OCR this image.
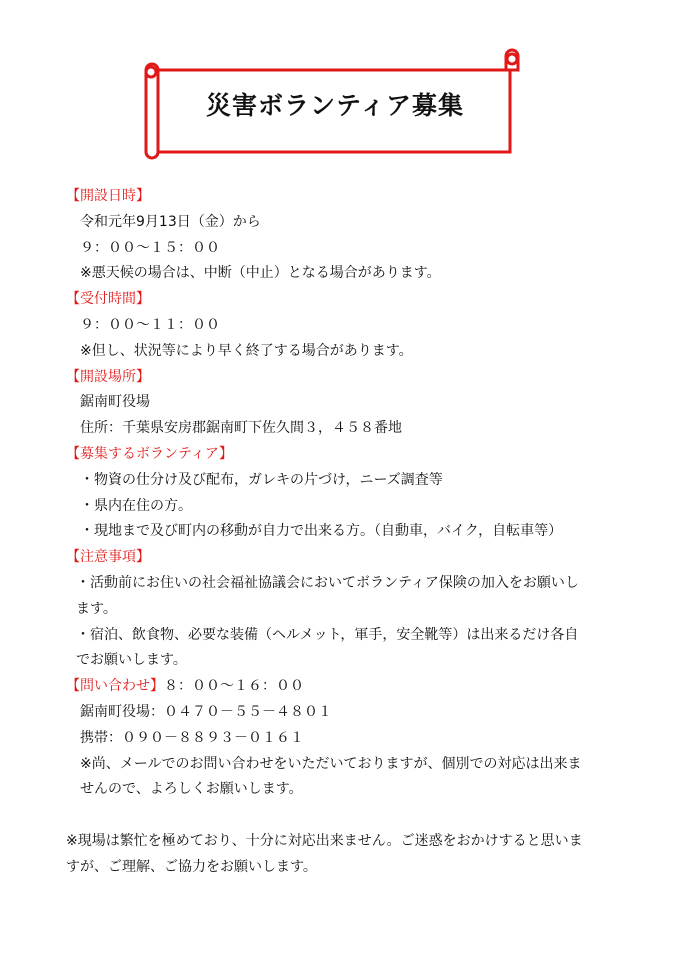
災害ボランティア募集
【開設日時】
令和元年9月13日（金）から
９：００～１５：００
※悪天候の場合は、中断（中止）となる場合があります。
【受付時間】
９：００～１１：００
※但し、状況等により早く終了する場合があります。
【開設場所】
鋸南町役場
住所：千葉県安房郡鋸南町下佐久間３，４５８番地
【募集するボランティア】
・物資の仕分け及び配布，ガレキの片づけ，ニーズ調査等
・県内在住の方。
・現地まで及び町内の移動が自力で出来る方。（自動車，バイク，自転車等）
【注意事項】
・活動前にお住いの社会福祉協議会においてボランティア保険の加入をお願いし
ます。
・宿泊、飲食物、必要な装備（ヘルメット，軍手，安全靴等）は出来るだけ各自
でお願いします。
【問い合わせ】８：００～１６：００
鋸南町役場：０４７０－５５－４８０１
携帯：０９０－８８９３－０１６１
※尚、メールでのお問い合わせをいただいておりますが、個別での対応は出来ま
せんので、よろしくお願いします。
※現場は繁忙を極めており、十分に対応出来ません。ご迷惑をおかけすると思いま
すが、ご理解、ご協力をお願いします。
